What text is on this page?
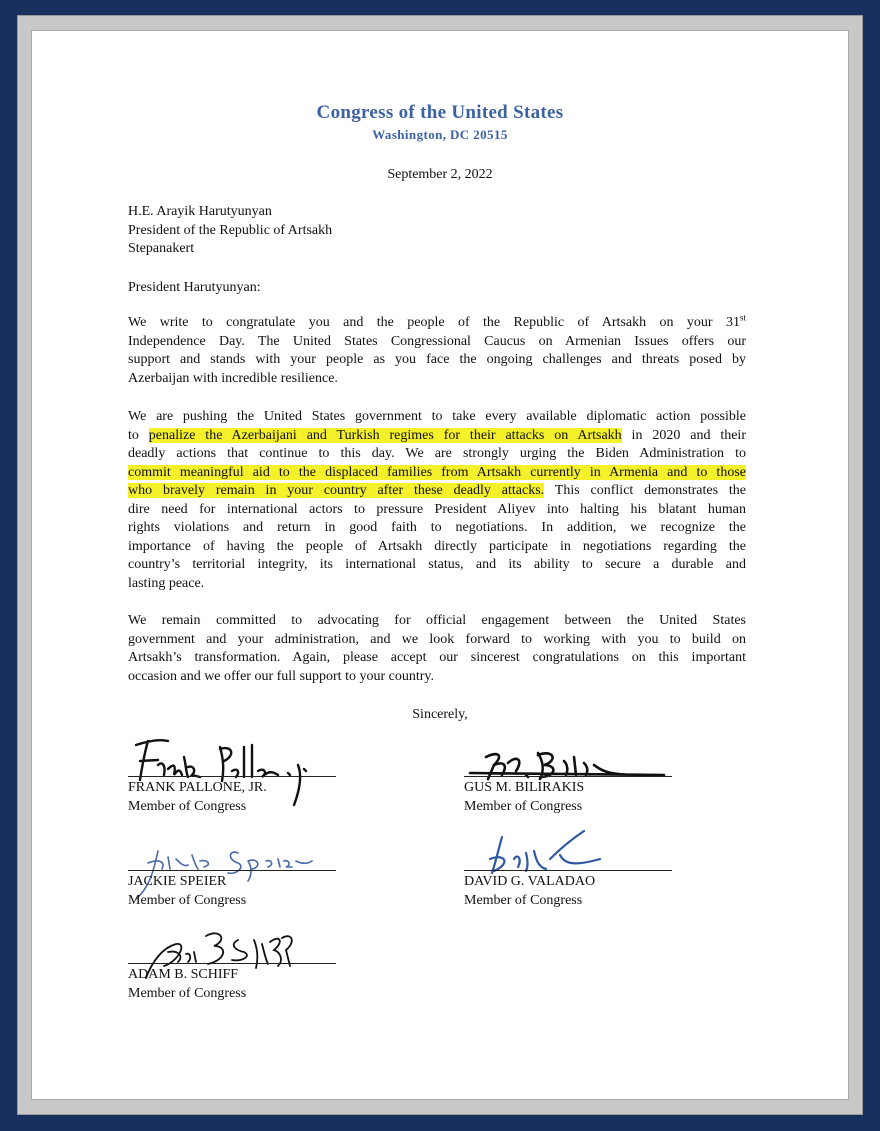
Congress of the United States
Washington, DC 20515
September 2, 2022
H.E. Arayik Harutyunyan
President of the Republic of Artsakh
Stepanakert
President Harutyunyan:
We write to congratulate you and the people of the Republic of Artsakh on your 31st
Independence Day. The United States Congressional Caucus on Armenian Issues offers our
support and stands with your people as you face the ongoing challenges and threats posed by
Azerbaijan with incredible resilience.
We are pushing the United States government to take every available diplomatic action possible
to penalize the Azerbaijani and Turkish regimes for their attacks on Artsakh in 2020 and their
deadly actions that continue to this day. We are strongly urging the Biden Administration to
commit meaningful aid to the displaced families from Artsakh currently in Armenia and to those
who bravely remain in your country after these deadly attacks. This conflict demonstrates the
dire need for international actors to pressure President Aliyev into halting his blatant human
rights violations and return in good faith to negotiations. In addition, we recognize the
importance of having the people of Artsakh directly participate in negotiations regarding the
country’s territorial integrity, its international status, and its ability to secure a durable and
lasting peace.
We remain committed to advocating for official engagement between the United States
government and your administration, and we look forward to working with you to build on
Artsakh’s transformation. Again, please accept our sincerest congratulations on this important
occasion and we offer our full support to your country.
Sincerely,
FRANK PALLONE, JR.
Member of Congress
GUS M. BILIRAKIS
Member of Congress
JACKIE SPEIER
Member of Congress
DAVID G. VALADAO
Member of Congress
ADAM B. SCHIFF
Member of Congress
